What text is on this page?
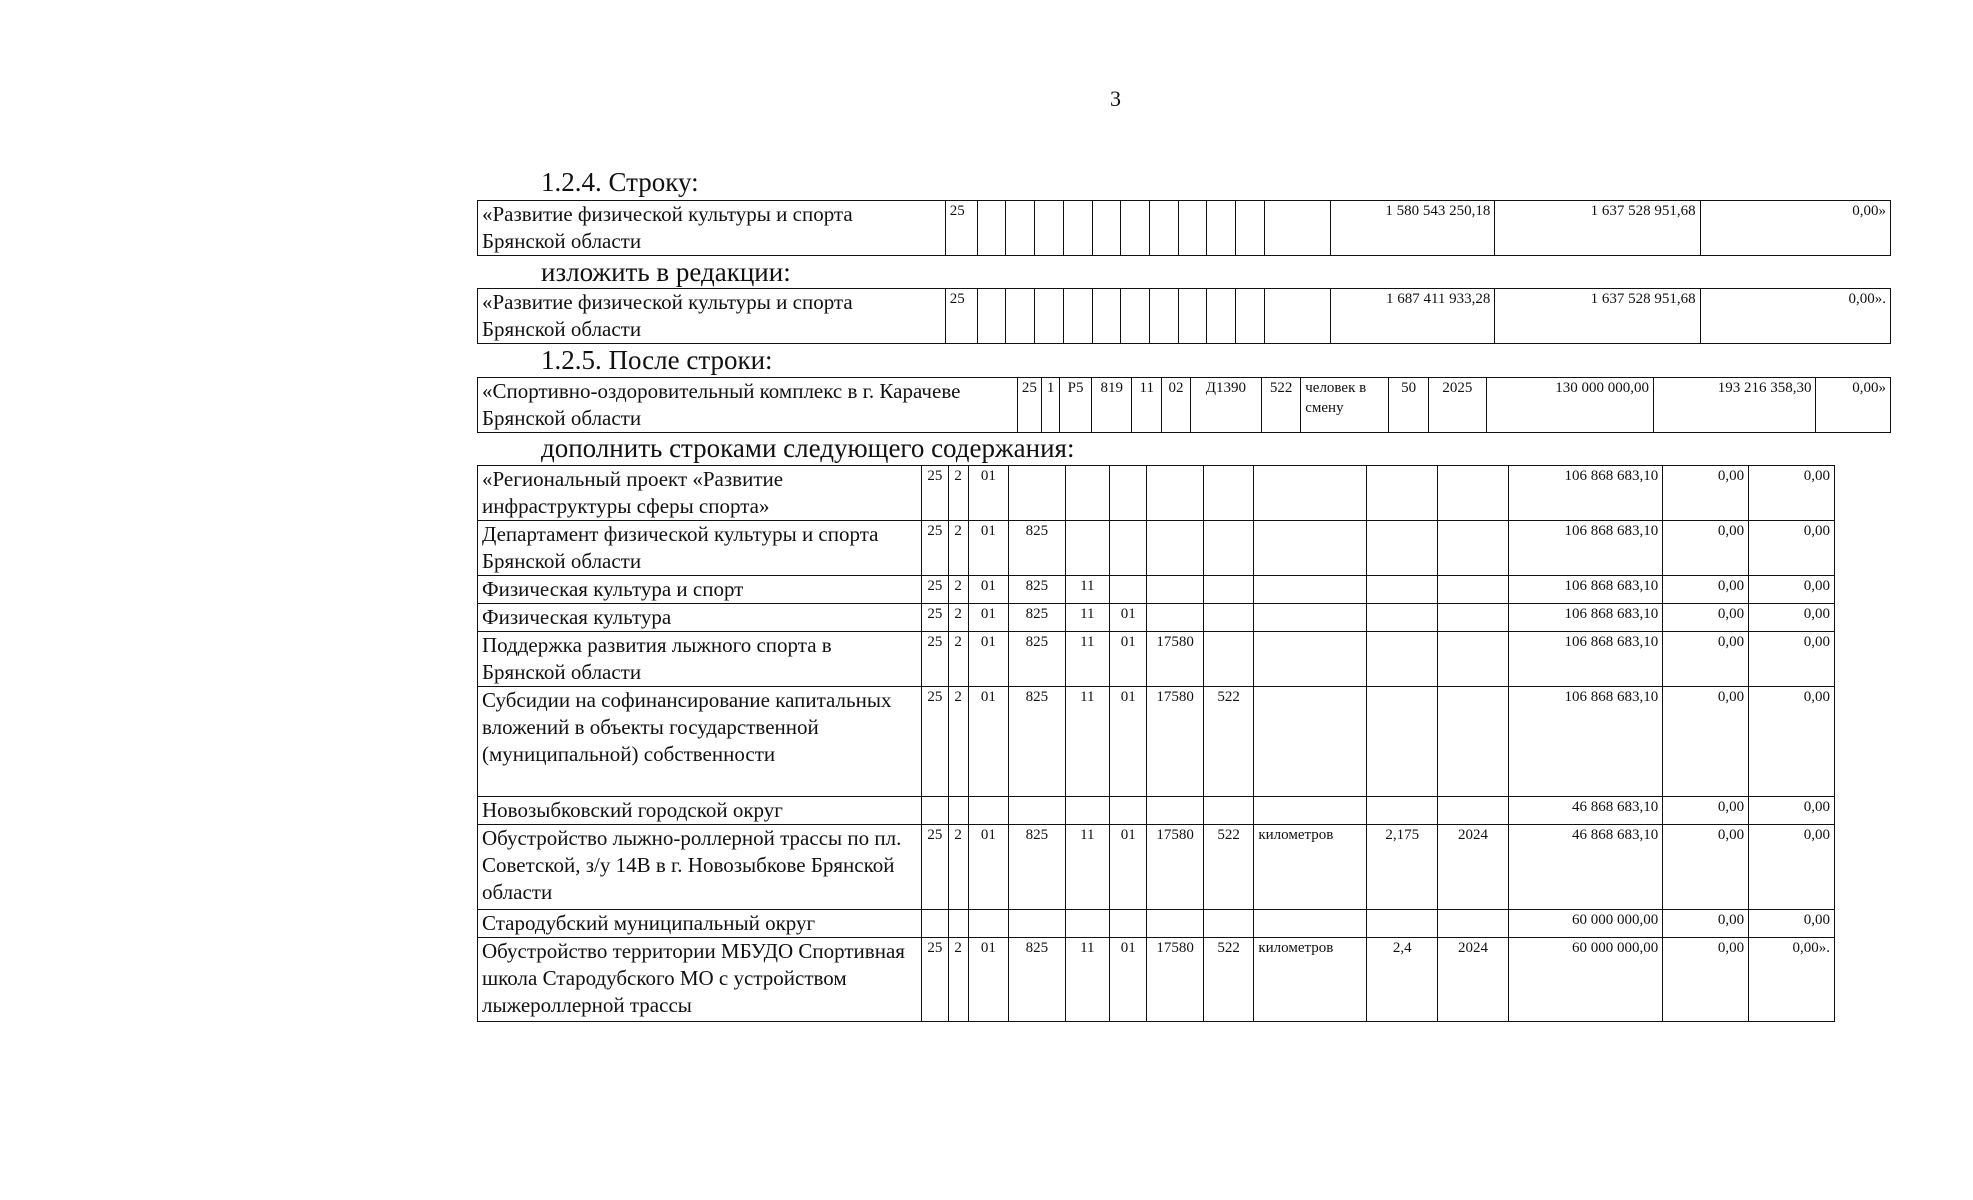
3
1.2.4. Строку:
«Развитие физической культуры и спорта Брянской области	25												1 580 543 250,18	1 637 528 951,68	0,00»
изложить в редакции:
«Развитие физической культуры и спорта Брянской области	25												1 687 411 933,28	1 637 528 951,68	0,00».
1.2.5. После строки:
«Спортивно-оздоровительный комплекс в г. Карачеве Брянской области	25	1	P5	819	11	02	Д1390	522	человек в смену	50	2025	130 000 000,00	193 216 358,30	0,00»
дополнить строками следующего содержания:
«Региональный проект «Развитие инфраструктуры сферы спорта»	25	2	01									106 868 683,10	0,00	0,00
Департамент физической культуры и спорта Брянской области	25	2	01	825								106 868 683,10	0,00	0,00
Физическая культура и спорт	25	2	01	825	11							106 868 683,10	0,00	0,00
Физическая культура	25	2	01	825	11	01						106 868 683,10	0,00	0,00
Поддержка развития лыжного спорта в Брянской области	25	2	01	825	11	01	17580					106 868 683,10	0,00	0,00
Субсидии на софинансирование капитальных вложений в объекты государственной (муниципальной) собственности	25	2	01	825	11	01	17580	522				106 868 683,10	0,00	0,00
Новозыбковский городской округ												46 868 683,10	0,00	0,00
Обустройство лыжно-роллерной трассы по пл. Советской, з/у 14В в г. Новозыбкове Брянской области	25	2	01	825	11	01	17580	522	километров	2,175	2024	46 868 683,10	0,00	0,00
Стародубский муниципальный округ												60 000 000,00	0,00	0,00
Обустройство территории МБУДО Спортивная школа Стародубского МО с устройством лыжероллерной трассы	25	2	01	825	11	01	17580	522	километров	2,4	2024	60 000 000,00	0,00	0,00».
